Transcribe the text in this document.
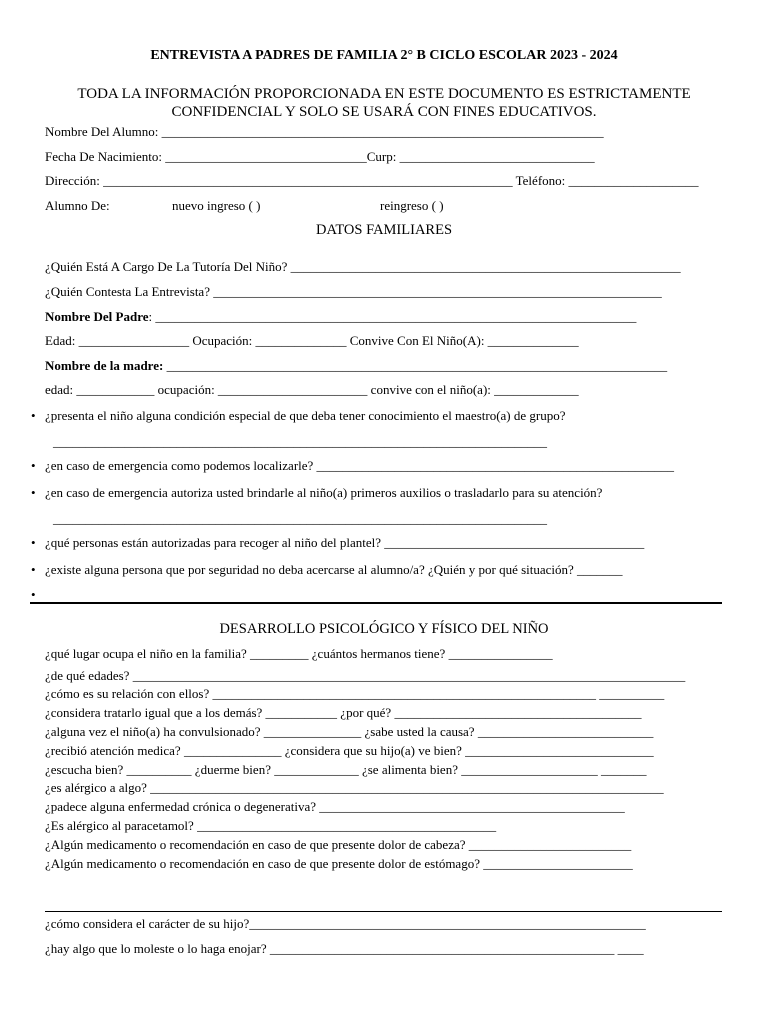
ENTREVISTA A PADRES DE FAMILIA 2° B CICLO ESCOLAR 2023 - 2024
TODA LA INFORMACIÓN PROPORCIONADA EN ESTE DOCUMENTO ES ESTRICTAMENTE
CONFIDENCIAL Y SOLO SE USARÁ CON FINES EDUCATIVOS.
Nombre Del Alumno: ____________________________________________________________________
Fecha De Nacimiento: _______________________________Curp: ______________________________
Dirección: _______________________________________________________________ Teléfono: ____________________
Alumno De:	nuevo ingreso ( )	reingreso ( )
DATOS FAMILIARES
¿Quién Está A Cargo De La Tutoría Del Niño? ____________________________________________________________
¿Quién Contesta La Entrevista? _____________________________________________________________________
Nombre Del Padre: __________________________________________________________________________
Edad: _________________ Ocupación: ______________ Convive Con El Niño(A): ______________
Nombre de la madre: _____________________________________________________________________________
edad: ____________ ocupación: _______________________ convive con el niño(a): _____________
• ¿presenta el niño alguna condición especial de que deba tener conocimiento el maestro(a) de grupo?
____________________________________________________________________________
• ¿en caso de emergencia como podemos localizarle? _______________________________________________________
• ¿en caso de emergencia autoriza usted brindarle al niño(a) primeros auxilios o trasladarlo para su atención?
____________________________________________________________________________
• ¿qué personas están autorizadas para recoger al niño del plantel? ________________________________________
• ¿existe alguna persona que por seguridad no deba acercarse al alumno/a? ¿Quién y por qué situación? _______
•
DESARROLLO PSICOLÓGICO Y FÍSICO DEL NIÑO
¿qué lugar ocupa el niño en la familia? _________ ¿cuántos hermanos tiene? ________________
¿de qué edades? _____________________________________________________________________________________
¿cómo es su relación con ellos? ___________________________________________________________ __________
¿considera tratarlo igual que a los demás? ___________ ¿por qué? ______________________________________
¿alguna vez el niño(a) ha convulsionado? _______________ ¿sabe usted la causa? ___________________________
¿recibió atención medica? _______________ ¿considera que su hijo(a) ve bien? _____________________________
¿escucha bien? __________ ¿duerme bien? _____________ ¿se alimenta bien? _____________________ _______
¿es alérgico a algo? _______________________________________________________________________________
¿padece alguna enfermedad crónica o degenerativa? _______________________________________________
¿Es alérgico al paracetamol? ______________________________________________
¿Algún medicamento o recomendación en caso de que presente dolor de cabeza? _________________________
¿Algún medicamento o recomendación en caso de que presente dolor de estómago? _______________________
¿cómo considera el carácter de su hijo?_____________________________________________________________
¿hay algo que lo moleste o lo haga enojar? _____________________________________________________ ____
